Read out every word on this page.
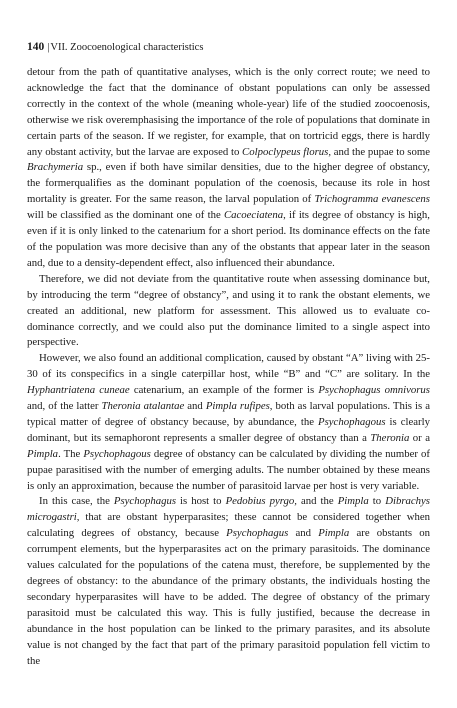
140 | VII. Zoocoenological characteristics

detour from the path of quantitative analyses, which is the only correct route; we need to acknowledge the fact that the dominance of obstant populations can only be assessed correctly in the context of the whole (meaning whole-year) life of the studied zoocoenosis, otherwise we risk overemphasising the importance of the role of populations that dominate in certain parts of the season. If we register, for example, that on tortricid eggs, there is hardly any obstant activity, but the larvae are exposed to Colpoclypeus florus, and the pupae to some Brachymeria sp., even if both have similar densities, due to the higher degree of obstancy, the formerqualifies as the dominant population of the coenosis, because its role in host mortality is greater. For the same reason, the larval population of Trichogramma evanescens will be classified as the dominant one of the Cacoeciatena, if its degree of obstancy is high, even if it is only linked to the catenarium for a short period. Its dominance effects on the fate of the population was more decisive than any of the obstants that appear later in the season and, due to a density-dependent effect, also influenced their abundance.

Therefore, we did not deviate from the quantitative route when assessing dominance but, by introducing the term “degree of obstancy”, and using it to rank the obstant elements, we created an additional, new platform for assessment. This allowed us to evaluate co-dominance correctly, and we could also put the dominance limited to a single aspect into perspective.

However, we also found an additional complication, caused by obstant “A” living with 25-30 of its conspecifics in a single caterpillar host, while “B” and “C” are solitary. In the Hyphantriatena cuneae catenarium, an example of the former is Psychophagus omnivorus and, of the latter Theronia atalantae and Pimpla rufipes, both as larval populations. This is a typical matter of degree of obstancy because, by abundance, the Psychophagous is clearly dominant, but its semaphoront represents a smaller degree of obstancy than a Theronia or a Pimpla. The Psychophagous degree of obstancy can be calculated by dividing the number of pupae parasitised with the number of emerging adults. The number obtained by these means is only an approximation, because the number of parasitoid larvae per host is very variable.

In this case, the Psychophagus is host to Pedobius pyrgo, and the Pimpla to Dibrachys microgastri, that are obstant hyperparasites; these cannot be considered together when calculating degrees of obstancy, because Psychophagus and Pimpla are obstants on corrumpent elements, but the hyperparasites act on the primary parasitoids. The dominance values calculated for the populations of the catena must, therefore, be supplemented by the degrees of obstancy: to the abundance of the primary obstants, the individuals hosting the secondary hyperparasites will have to be added. The degree of obstancy of the primary parasitoid must be calculated this way. This is fully justified, because the decrease in abundance in the host population can be linked to the primary parasites, and its absolute value is not changed by the fact that part of the primary parasitoid population fell victim to the
